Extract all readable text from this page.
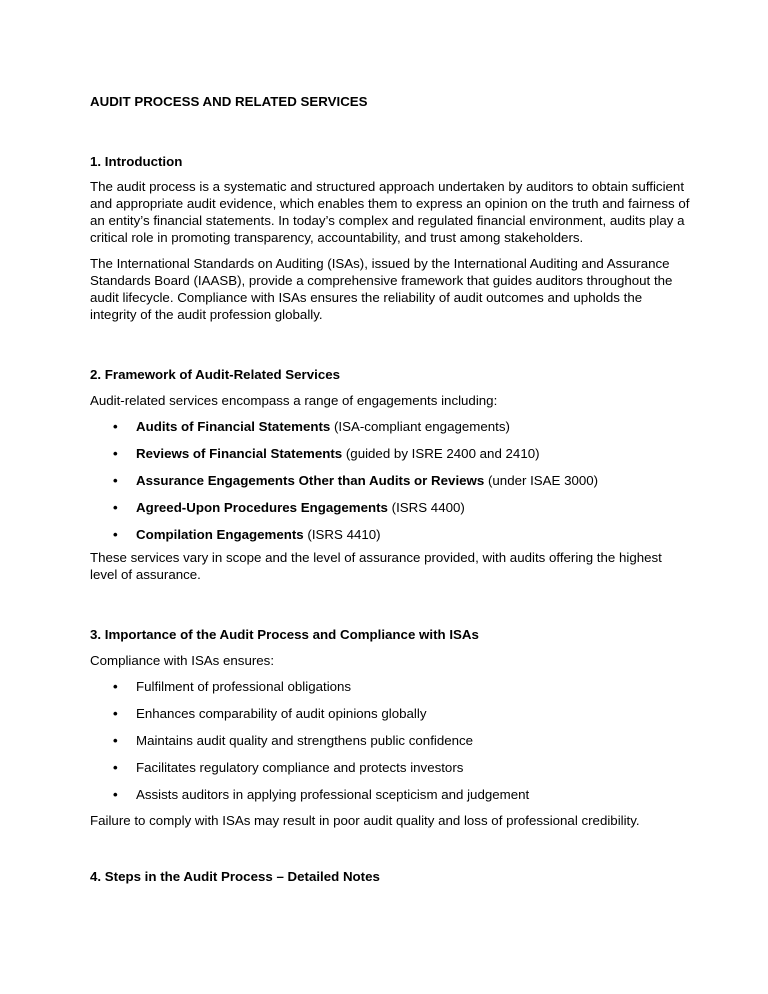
AUDIT PROCESS AND RELATED SERVICES

1. Introduction

The audit process is a systematic and structured approach undertaken by auditors to obtain sufficient and appropriate audit evidence, which enables them to express an opinion on the truth and fairness of an entity’s financial statements. In today’s complex and regulated financial environment, audits play a critical role in promoting transparency, accountability, and trust among stakeholders.

The International Standards on Auditing (ISAs), issued by the International Auditing and Assurance Standards Board (IAASB), provide a comprehensive framework that guides auditors throughout the audit lifecycle. Compliance with ISAs ensures the reliability of audit outcomes and upholds the integrity of the audit profession globally.

2. Framework of Audit-Related Services

Audit-related services encompass a range of engagements including:

• Audits of Financial Statements (ISA-compliant engagements)
• Reviews of Financial Statements (guided by ISRE 2400 and 2410)
• Assurance Engagements Other than Audits or Reviews (under ISAE 3000)
• Agreed-Upon Procedures Engagements (ISRS 4400)
• Compilation Engagements (ISRS 4410)

These services vary in scope and the level of assurance provided, with audits offering the highest level of assurance.

3. Importance of the Audit Process and Compliance with ISAs

Compliance with ISAs ensures:

• Fulfilment of professional obligations
• Enhances comparability of audit opinions globally
• Maintains audit quality and strengthens public confidence
• Facilitates regulatory compliance and protects investors
• Assists auditors in applying professional scepticism and judgement

Failure to comply with ISAs may result in poor audit quality and loss of professional credibility.

4. Steps in the Audit Process – Detailed Notes
